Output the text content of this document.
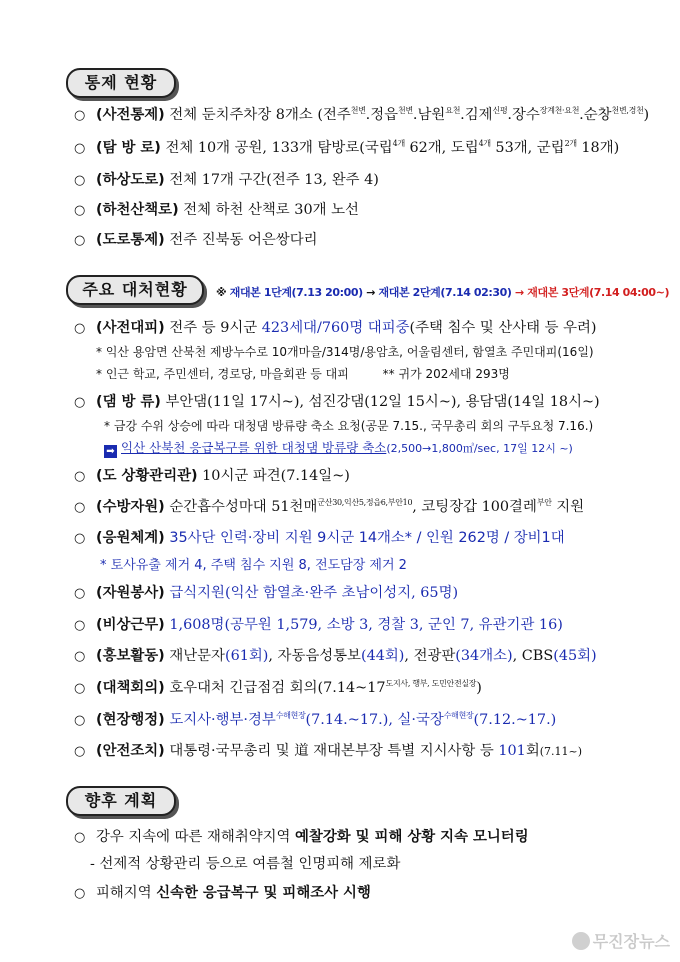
통제 현황
○ (사전통제) 전체 둔치주차장 8개소 (전주$^{천변}$.정읍$^{천변}$.남원$^{요천}$.김제$^{신평}$.장수$^{장계천\cdot 요천}$.순창$^{천변,경천}$)
○ (탐 방 로) 전체 10개 공원, 133개 탐방로(국립$^{4개}$ 62개, 도립$^{4개}$ 53개, 군립$^{2개}$ 18개)
○ (하상도로) 전체 17개 구간(전주 13, 완주 4)
○ (하천산책로) 전체 하천 산책로 30개 노선
○ (도로통제) 전주 진북동 어은쌍다리
주요 대처현황	※ 재대본 1단계(7.13 20:00) → 재대본 2단계(7.14 02:30) → 재대본 3단계(7.14 04:00~)
○ (사전대피) 전주 등 9시군 423세대/760명 대피중(주택 침수 및 산사태 등 우려)
* 익산 용암면 산북천 제방누수로 10개마을/314명/용암초, 어울림센터, 함열초 주민대피(16일)
* 인근 학교, 주민센터, 경로당, 마을회관 등 대피	** 귀가 202세대 293명
○ (댐 방 류) 부안댐(11일 17시~), 섬진강댐(12일 15시~), 용담댐(14일 18시~)
* 금강 수위 상승에 따라 대청댐 방류량 축소 요청(공문 7.15., 국무총리 회의 구두요청 7.16.)
➡ 익산 산북천 응급복구를 위한 대청댐 방류량 축소(2,500→1,800㎥/sec, 17일 12시 ~)
○ (도 상황관리관) 10시군 파견(7.14일~)
○ (수방자원) 순간흡수성마대 51천매$^{군산30,익산5,정읍6,부안10}$, 코팅장갑 100결레$^{부안}$ 지원
○ (응원체계) 35사단 인력·장비 지원 9시군 14개소* / 인원 262명 / 장비1대
* 토사유출 제거 4, 주택 침수 지원 8, 전도담장 제거 2
○ (자원봉사) 급식지원(익산 함열초·완주 초남이성지, 65명)
○ (비상근무) 1,608명(공무원 1,579, 소방 3, 경찰 3, 군인 7, 유관기관 16)
○ (홍보활동) 재난문자(61회), 자동음성통보(44회), 전광판(34개소), CBS(45회)
○ (대책회의) 호우대처 긴급점검 회의$(7.14\sim 17^{도지사, 행부, 도민안전실장})$
○ (현장행정) 도지사·행부·경부$^{수해현장}$(7.14.~17.), 실·국장$^{수해현장}$(7.12.~17.)
○ (안전조치) 대통령·국무총리 및 道 재대본부장 특별 지시사항 등 101회(7.11~)
향후 계획
○ 강우 지속에 따른 재해취약지역 예찰강화 및 피해 상황 지속 모니터링
- 선제적 상황관리 등으로 여름철 인명피해 제로화
○ 피해지역 신속한 응급복구 및 피해조사 시행
무진장뉴스
